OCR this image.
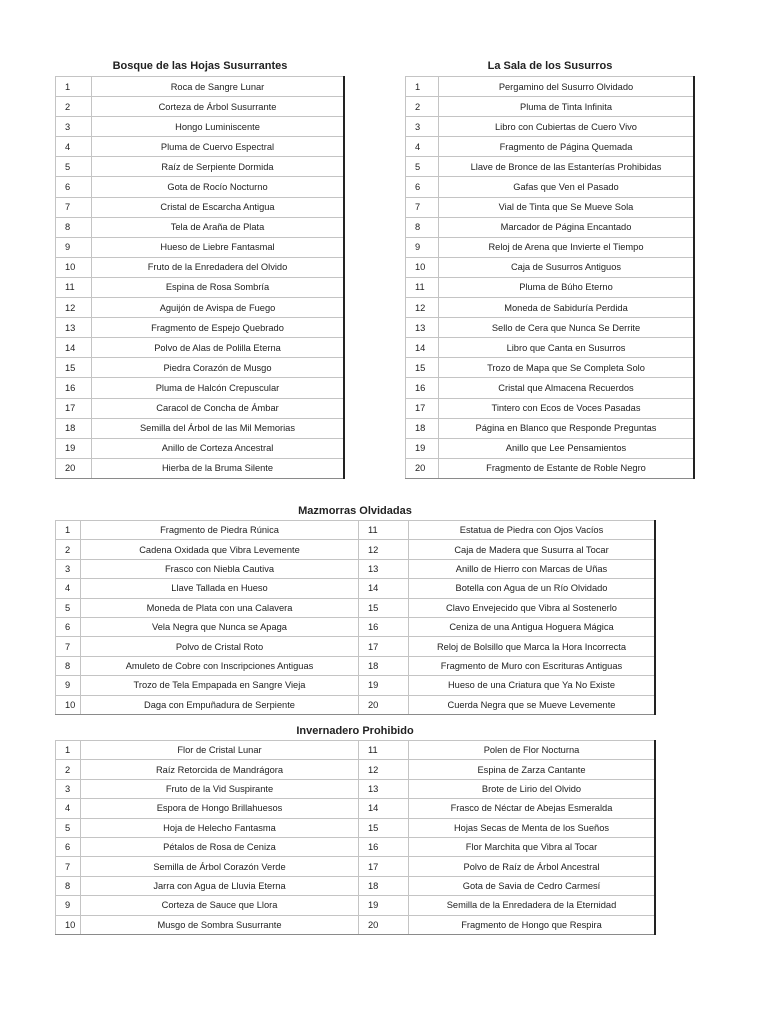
Bosque de las Hojas Susurrantes
1	Roca de Sangre Lunar
2	Corteza de Árbol Susurrante
3	Hongo Luminiscente
4	Pluma de Cuervo Espectral
5	Raíz de Serpiente Dormida
6	Gota de Rocío Nocturno
7	Cristal de Escarcha Antigua
8	Tela de Araña de Plata
9	Hueso de Liebre Fantasmal
10	Fruto de la Enredadera del Olvido
11	Espina de Rosa Sombría
12	Aguijón de Avispa de Fuego
13	Fragmento de Espejo Quebrado
14	Polvo de Alas de Polilla Eterna
15	Piedra Corazón de Musgo
16	Pluma de Halcón Crepuscular
17	Caracol de Concha de Ámbar
18	Semilla del Árbol de las Mil Memorias
19	Anillo de Corteza Ancestral
20	Hierba de la Bruma Silente
La Sala de los Susurros
1	Pergamino del Susurro Olvidado
2	Pluma de Tinta Infinita
3	Libro con Cubiertas de Cuero Vivo
4	Fragmento de Página Quemada
5	Llave de Bronce de las Estanterías Prohibidas
6	Gafas que Ven el Pasado
7	Vial de Tinta que Se Mueve Sola
8	Marcador de Página Encantado
9	Reloj de Arena que Invierte el Tiempo
10	Caja de Susurros Antiguos
11	Pluma de Búho Eterno
12	Moneda de Sabiduría Perdida
13	Sello de Cera que Nunca Se Derrite
14	Libro que Canta en Susurros
15	Trozo de Mapa que Se Completa Solo
16	Cristal que Almacena Recuerdos
17	Tintero con Ecos de Voces Pasadas
18	Página en Blanco que Responde Preguntas
19	Anillo que Lee Pensamientos
20	Fragmento de Estante de Roble Negro
Mazmorras Olvidadas
1	Fragmento de Piedra Rúnica	11	Estatua de Piedra con Ojos Vacíos
2	Cadena Oxidada que Vibra Levemente	12	Caja de Madera que Susurra al Tocar
3	Frasco con Niebla Cautiva	13	Anillo de Hierro con Marcas de Uñas
4	Llave Tallada en Hueso	14	Botella con Agua de un Río Olvidado
5	Moneda de Plata con una Calavera	15	Clavo Envejecido que Vibra al Sostenerlo
6	Vela Negra que Nunca se Apaga	16	Ceniza de una Antigua Hoguera Mágica
7	Polvo de Cristal Roto	17	Reloj de Bolsillo que Marca la Hora Incorrecta
8	Amuleto de Cobre con Inscripciones Antiguas	18	Fragmento de Muro con Escrituras Antiguas
9	Trozo de Tela Empapada en Sangre Vieja	19	Hueso de una Criatura que Ya No Existe
10	Daga con Empuñadura de Serpiente	20	Cuerda Negra que se Mueve Levemente
Invernadero Prohibido
1	Flor de Cristal Lunar	11	Polen de Flor Nocturna
2	Raíz Retorcida de Mandrágora	12	Espina de Zarza Cantante
3	Fruto de la Vid Suspirante	13	Brote de Lirio del Olvido
4	Espora de Hongo Brillahuesos	14	Frasco de Néctar de Abejas Esmeralda
5	Hoja de Helecho Fantasma	15	Hojas Secas de Menta de los Sueños
6	Pétalos de Rosa de Ceniza	16	Flor Marchita que Vibra al Tocar
7	Semilla de Árbol Corazón Verde	17	Polvo de Raíz de Árbol Ancestral
8	Jarra con Agua de Lluvia Eterna	18	Gota de Savia de Cedro Carmesí
9	Corteza de Sauce que Llora	19	Semilla de la Enredadera de la Eternidad
10	Musgo de Sombra Susurrante	20	Fragmento de Hongo que Respira
